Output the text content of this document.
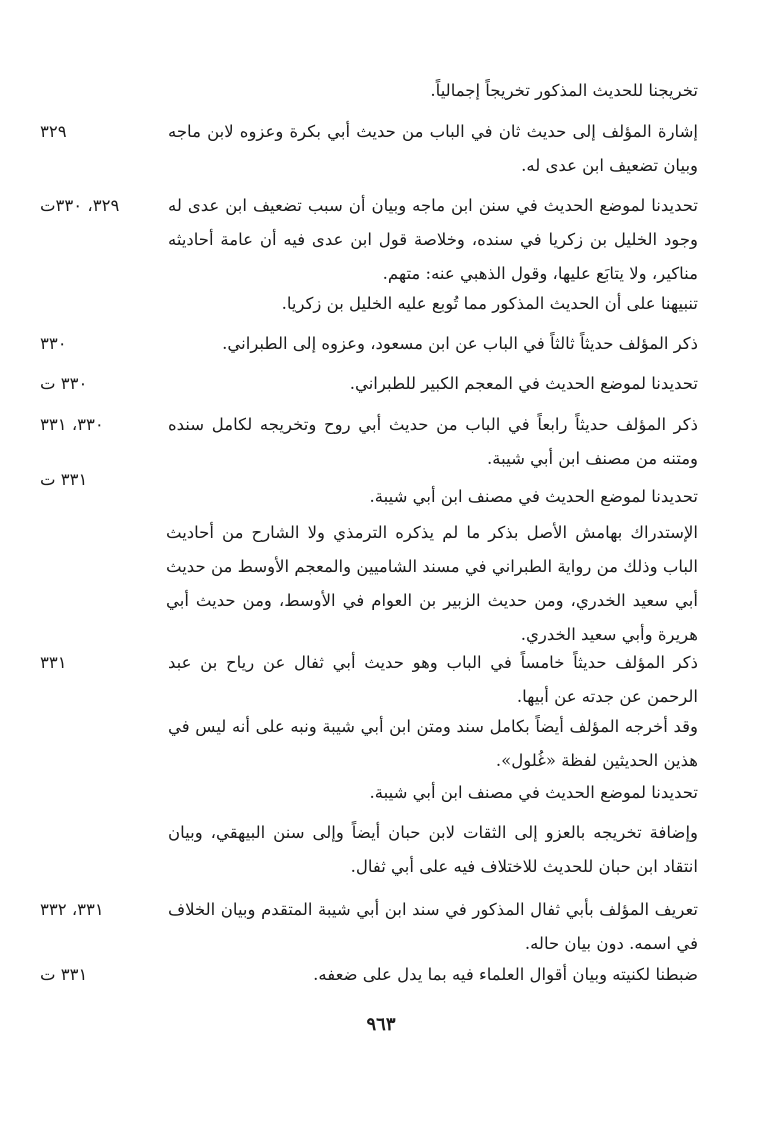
تخريجنا للحديث المذكور تخريجاً إجمالياً.
إشارة المؤلف إلى حديث ثان في الباب من حديث أبي بكرة وعزوه لابن ماجه وبيان تضعيف ابن عدى له.
٣٢٩
تحديدنا لموضع الحديث في سنن ابن ماجه وبيان أن سبب تضعيف ابن عدى له وجود الخليل بن زكريا في سنده، وخلاصة قول ابن عدى فيه أن عامة أحاديثه مناكير، ولا يتابَع عليها، وقول الذهبي عنه: متهم.
٣٢٩، ٣٣٠ت
تنبيهنا على أن الحديث المذكور مما تُوبع عليه الخليل بن زكريا.
ذكر المؤلف حديثاً ثالثاً في الباب عن ابن مسعود، وعزوه إلى الطبراني.
٣٣٠
تحديدنا لموضع الحديث في المعجم الكبير للطبراني.
٣٣٠ ت
ذكر المؤلف حديثاً رابعاً في الباب من حديث أبي روح وتخريجه لكامل سنده ومتنه من مصنف ابن أبي شيبة.
٣٣٠، ٣٣١
٣٣١ ت
تحديدنا لموضع الحديث في مصنف ابن أبي شيبة.
الإستدراك بهامش الأصل بذكر ما لم يذكره الترمذي ولا الشارح من أحاديث الباب وذلك من رواية الطبراني في مسند الشاميين والمعجم الأوسط من حديث أبي سعيد الخدري، ومن حديث الزبير بن العوام في الأوسط، ومن حديث أبي هريرة وأبي سعيد الخدري.
ذكر المؤلف حديثاً خامساً في الباب وهو حديث أبي ثفال عن رياح بن عبد الرحمن عن جدته عن أبيها.
٣٣١
وقد أخرجه المؤلف أيضاً بكامل سند ومتن ابن أبي شيبة ونبه على أنه ليس في هذين الحديثين لفظة «غُلول».
تحديدنا لموضع الحديث في مصنف ابن أبي شيبة.
وإضافة تخريجه بالعزو إلى الثقات لابن حبان أيضاً وإلى سنن البيهقي، وبيان انتقاد ابن حبان للحديث للاختلاف فيه على أبي ثفال.
تعريف المؤلف بأبي ثفال المذكور في سند ابن أبي شيبة المتقدم وبيان الخلاف في اسمه. دون بيان حاله.
٣٣١، ٣٣٢
ضبطنا لكنيته وبيان أقوال العلماء فيه بما يدل على ضعفه.
٣٣١ ت
٩٦٣
